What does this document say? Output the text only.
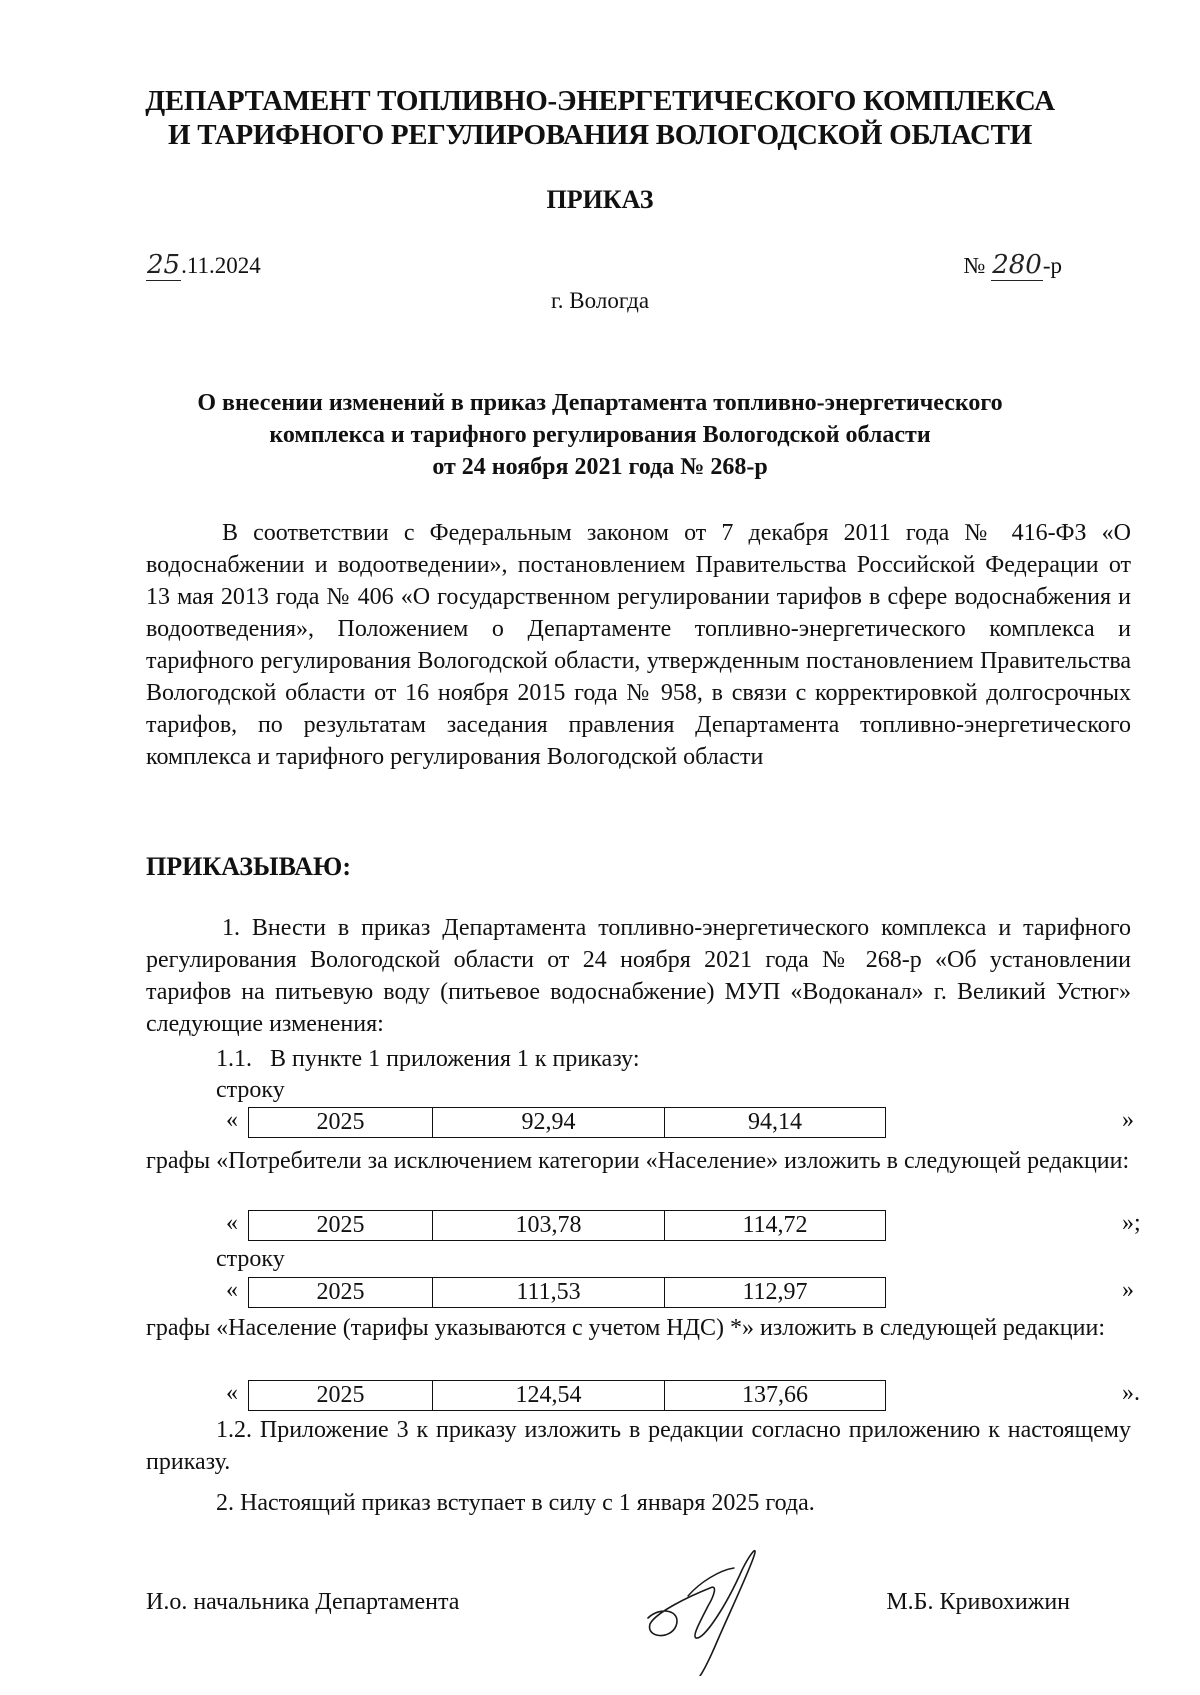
ДЕПАРТАМЕНТ ТОПЛИВНО-ЭНЕРГЕТИЧЕСКОГО КОМПЛЕКСА
И ТАРИФНОГО РЕГУЛИРОВАНИЯ ВОЛОГОДСКОЙ ОБЛАСТИ
ПРИКАЗ
25.11.2024	№ 280-р
г. Вологда
О внесении изменений в приказ Департамента топливно-энергетического
комплекса и тарифного регулирования Вологодской области
от 24 ноября 2021 года № 268-р
В соответствии с Федеральным законом от 7 декабря 2011 года № 416-ФЗ «О водоснабжении и водоотведении», постановлением Правительства Российской Федерации от 13 мая 2013 года № 406 «О государственном регулировании тарифов в сфере водоснабжения и водоотведения», Положением о Департаменте топливно-энергетического комплекса и тарифного регулирования Вологодской области, утвержденным постановлением Правительства Вологодской области от 16 ноября 2015 года № 958, в связи с корректировкой долгосрочных тарифов, по результатам заседания правления Департамента топливно-энергетического комплекса и тарифного регулирования Вологодской области
ПРИКАЗЫВАЮ:
1. Внести в приказ Департамента топливно-энергетического комплекса и тарифного регулирования Вологодской области от 24 ноября 2021 года № 268-р «Об установлении тарифов на питьевую воду (питьевое водоснабжение) МУП «Водоканал» г. Великий Устюг» следующие изменения:
1.1.   В пункте 1 приложения 1 к приказу:
строку
«	2025	92,94	94,14	»
графы «Потребители за исключением категории «Население» изложить в следующей редакции:
«	2025	103,78	114,72	»;
строку
«	2025	111,53	112,97	»
графы «Население (тарифы указываются с учетом НДС) *» изложить в следующей редакции:
«	2025	124,54	137,66	».
1.2. Приложение 3 к приказу изложить в редакции согласно приложению к настоящему приказу.
2. Настоящий приказ вступает в силу с 1 января 2025 года.
И.о. начальника Департамента	М.Б. Кривохижин
